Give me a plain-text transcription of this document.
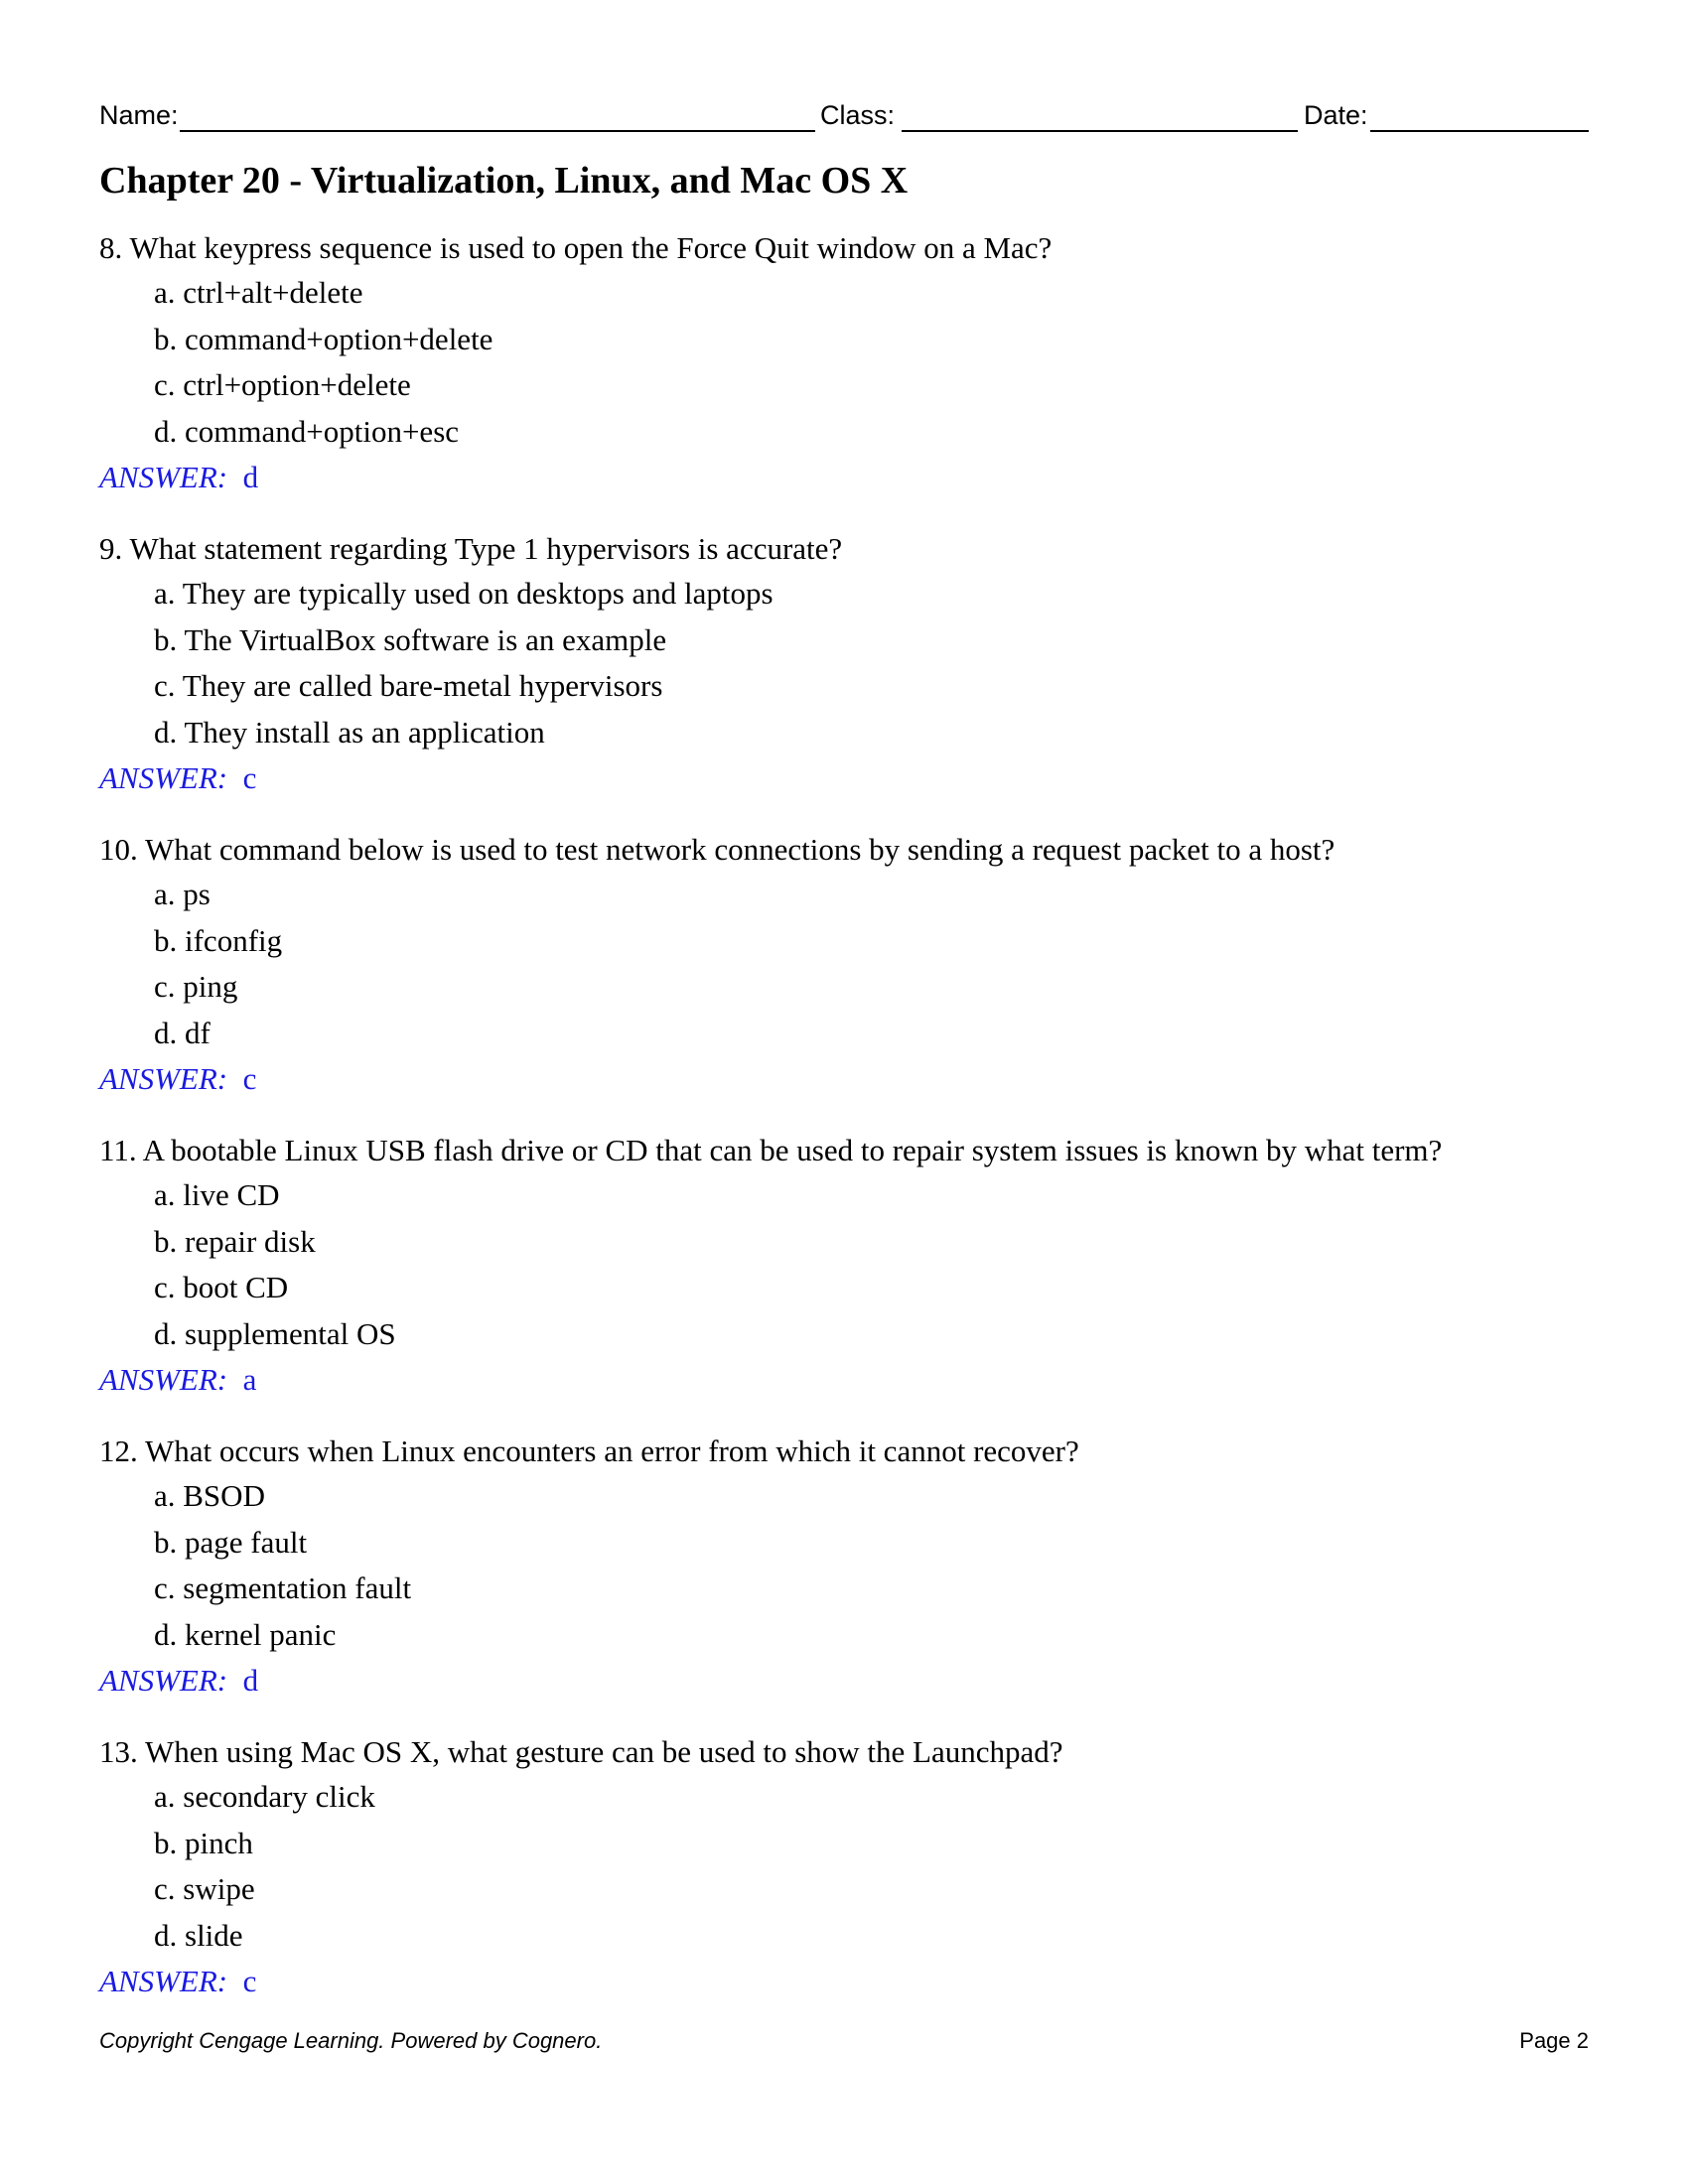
Name:	Class:	Date:
Chapter 20 - Virtualization, Linux, and Mac OS X
8. What keypress sequence is used to open the Force Quit window on a Mac?
a. ctrl+alt+delete
b. command+option+delete
c. ctrl+option+delete
d. command+option+esc
ANSWER: d
9. What statement regarding Type 1 hypervisors is accurate?
a. They are typically used on desktops and laptops
b. The VirtualBox software is an example
c. They are called bare-metal hypervisors
d. They install as an application
ANSWER: c
10. What command below is used to test network connections by sending a request packet to a host?
a. ps
b. ifconfig
c. ping
d. df
ANSWER: c
11. A bootable Linux USB flash drive or CD that can be used to repair system issues is known by what term?
a. live CD
b. repair disk
c. boot CD
d. supplemental OS
ANSWER: a
12. What occurs when Linux encounters an error from which it cannot recover?
a. BSOD
b. page fault
c. segmentation fault
d. kernel panic
ANSWER: d
13. When using Mac OS X, what gesture can be used to show the Launchpad?
a. secondary click
b. pinch
c. swipe
d. slide
ANSWER: c
Copyright Cengage Learning. Powered by Cognero.	Page 2
